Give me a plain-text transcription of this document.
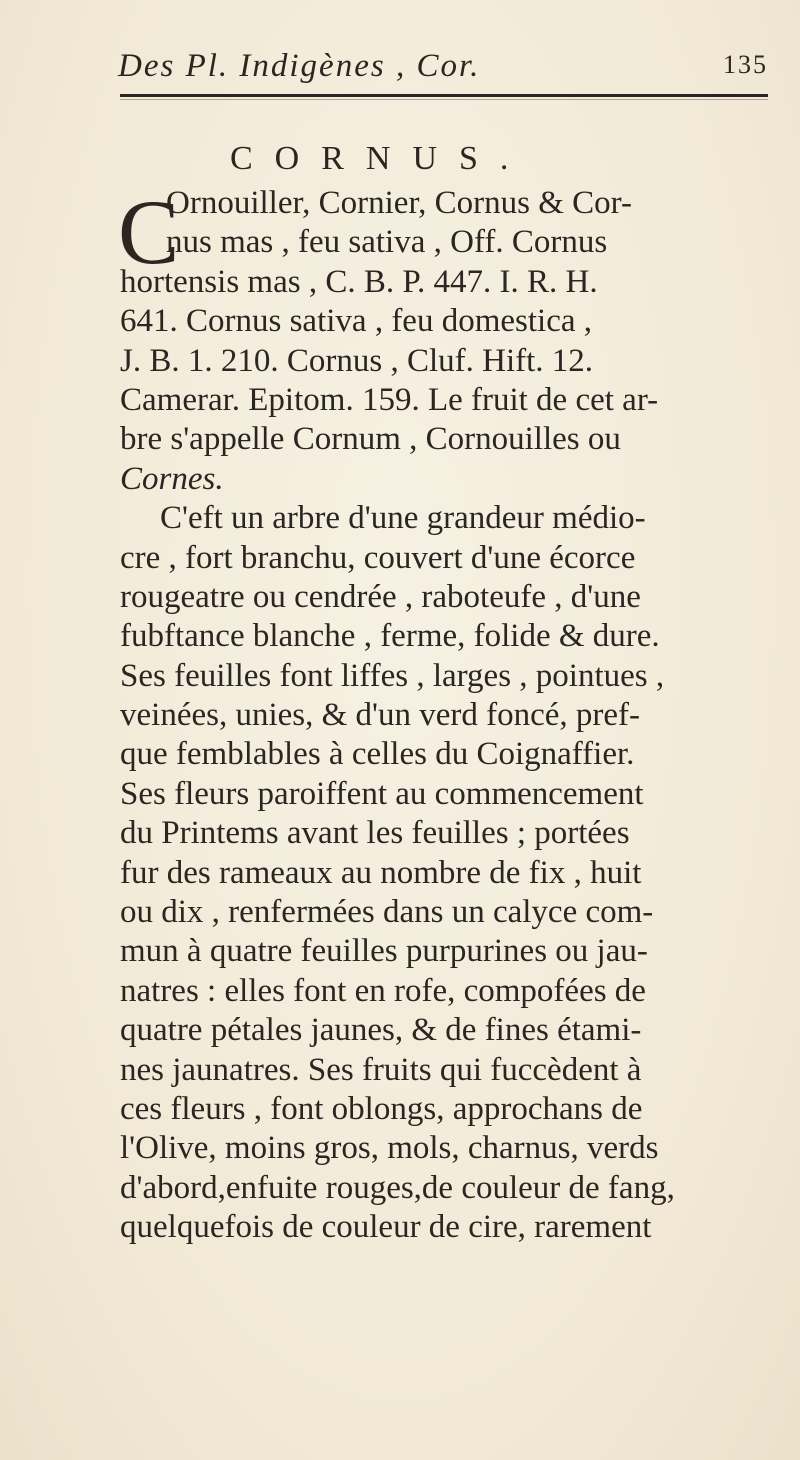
Des Pl. Indigènes , Cor.	135
CORNUS.
C
Ornouiller, Cornier, Cornus & Cor-
nus mas , feu sativa , Off. Cornus
hortensis mas , C. B. P. 447. I. R. H.
641. Cornus sativa , feu domestica ,
J. B. 1. 210. Cornus , Cluf. Hift. 12.
Camerar. Epitom. 159. Le fruit de cet ar-
bre s'appelle Cornum , Cornouilles ou
Cornes.
C'eft un arbre d'une grandeur médio-
cre , fort branchu, couvert d'une écorce
rougeatre ou cendrée , raboteufe , d'une
fubftance blanche , ferme, folide & dure.
Ses feuilles font liffes , larges , pointues ,
veinées, unies, & d'un verd foncé, pref-
que femblables à celles du Coignaffier.
Ses fleurs paroiffent au commencement
du Printems avant les feuilles ; portées
fur des rameaux au nombre de fix , huit
ou dix , renfermées dans un calyce com-
mun à quatre feuilles purpurines ou jau-
natres : elles font en rofe, compofées de
quatre pétales jaunes, & de fines étami-
nes jaunatres. Ses fruits qui fuccèdent à
ces fleurs , font oblongs, approchans de
l'Olive, moins gros, mols, charnus, verds
d'abord,enfuite rouges,de couleur de fang,
quelquefois de couleur de cire, rarement
